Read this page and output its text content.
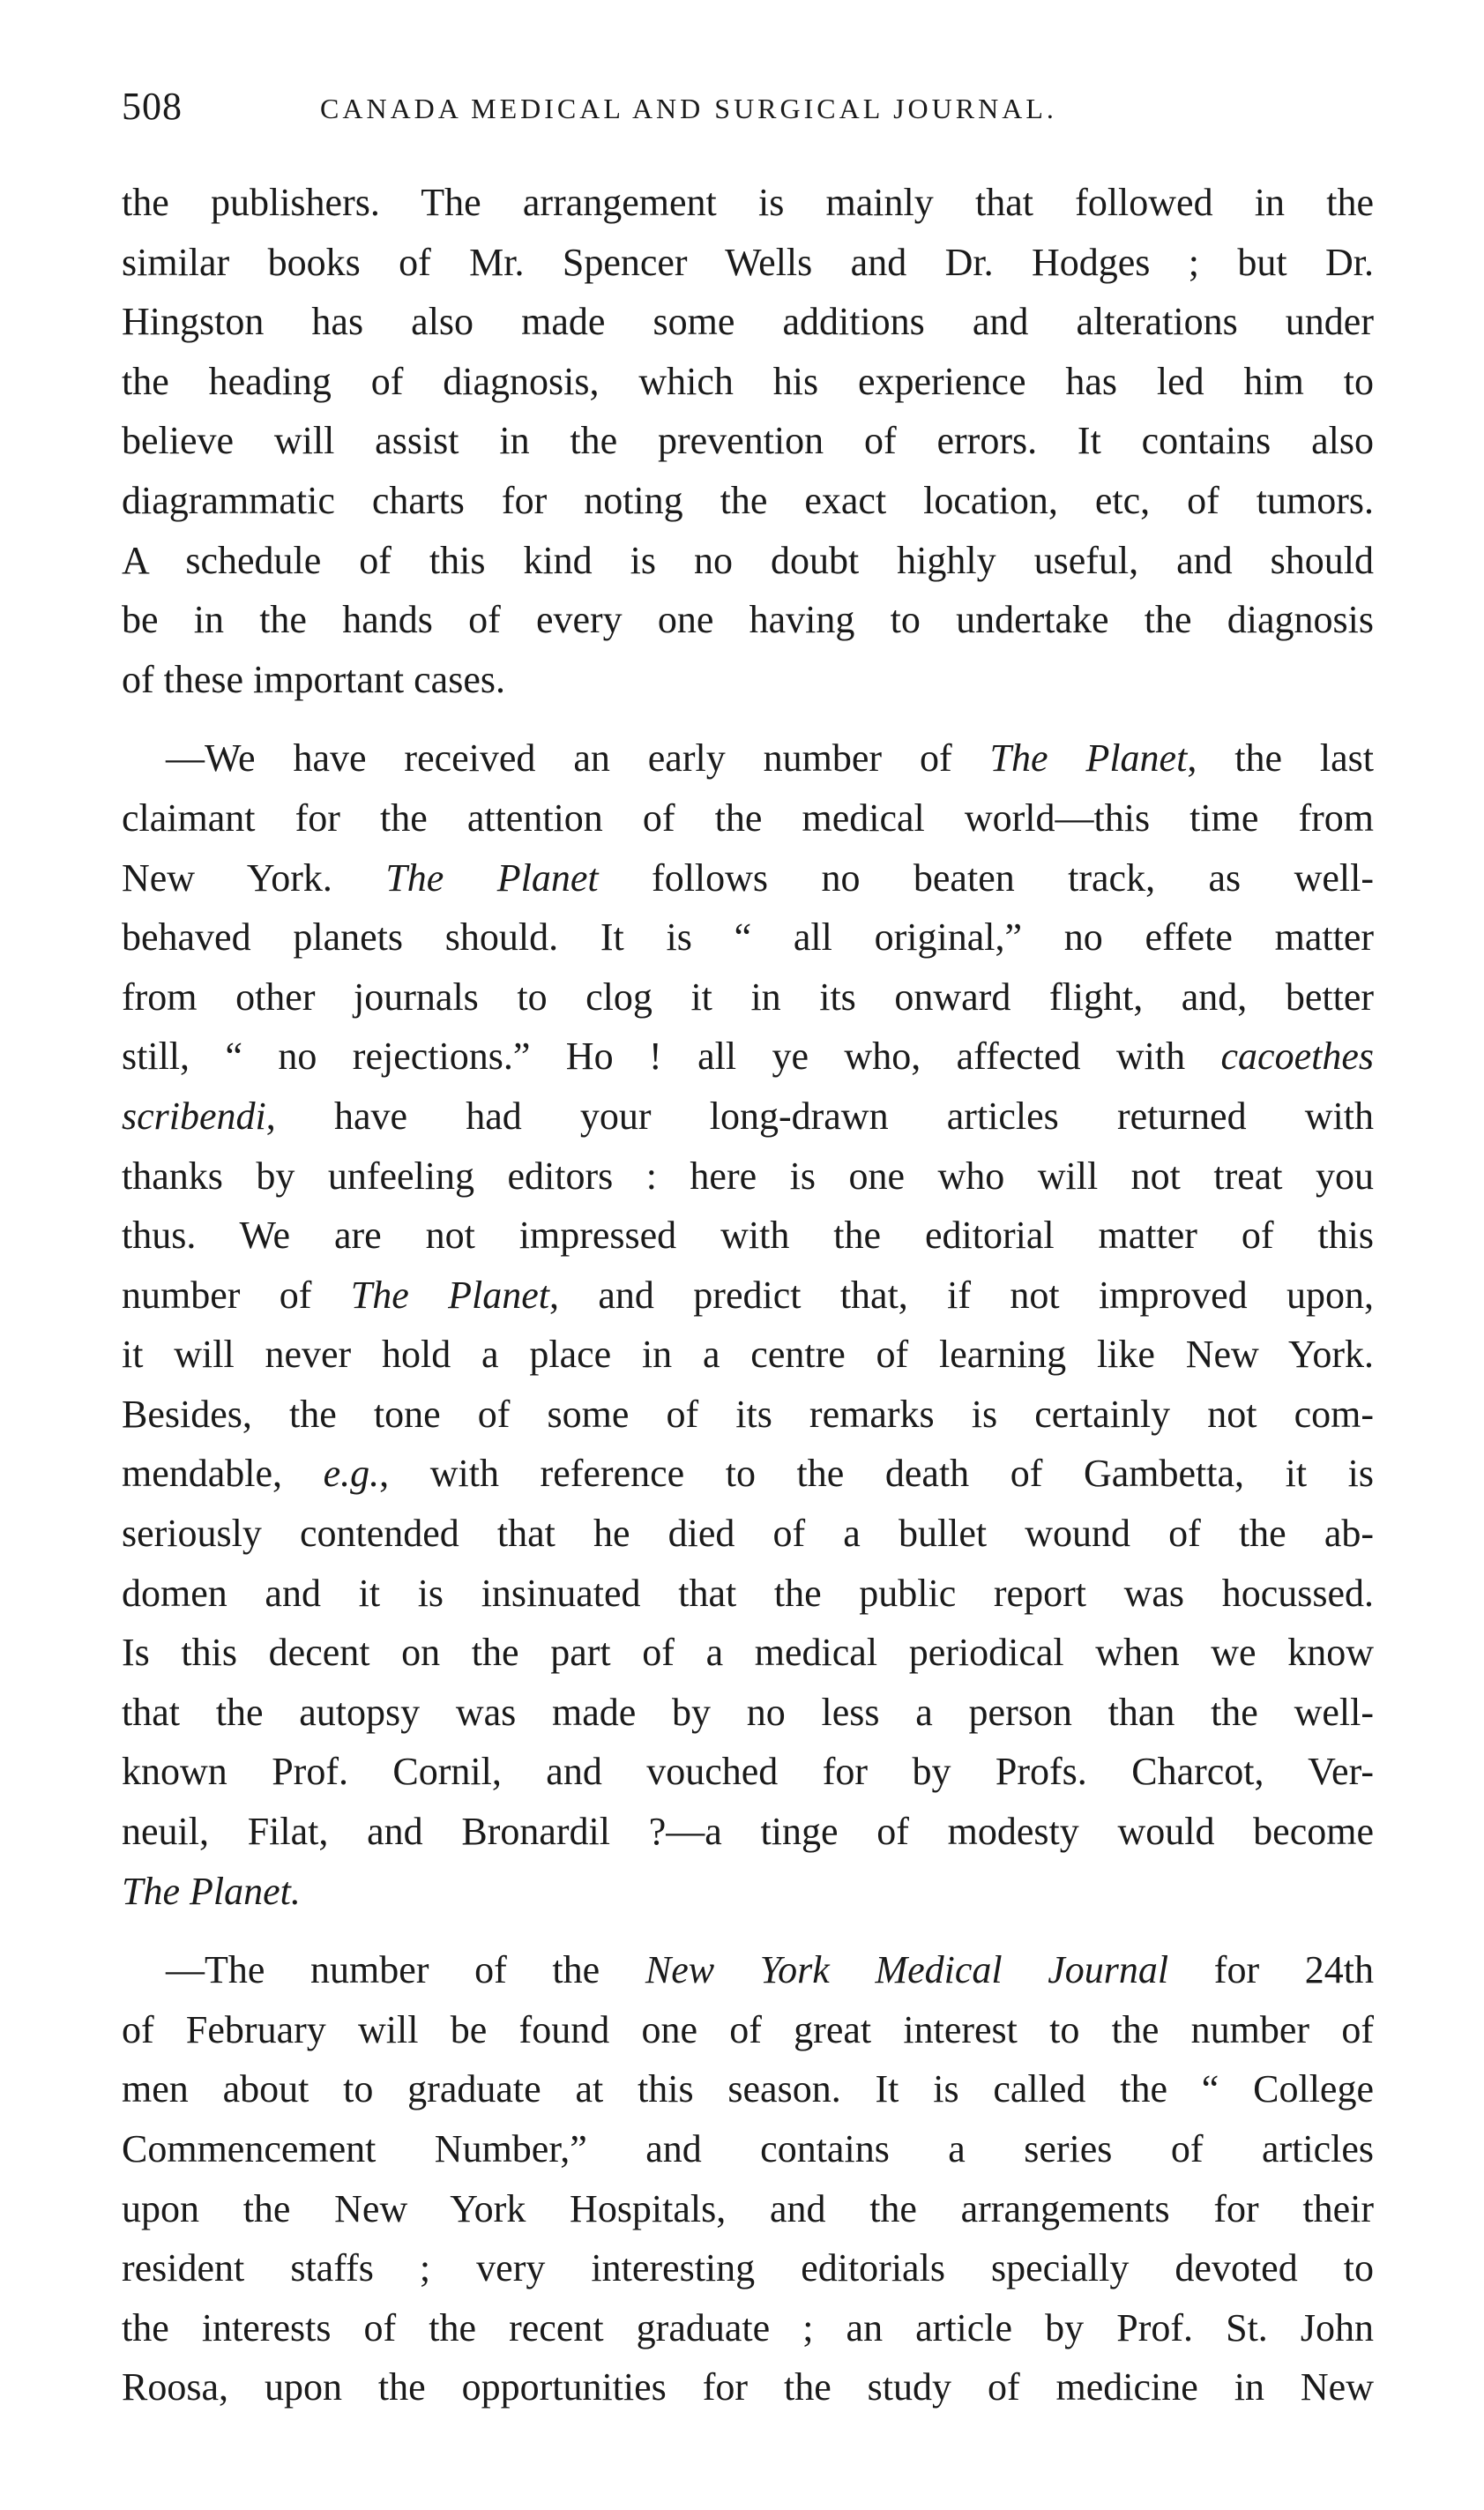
508	CANADA MEDICAL AND SURGICAL JOURNAL.
the publishers. The arrangement is mainly that followed in the
similar books of Mr. Spencer Wells and Dr. Hodges ; but Dr.
Hingston has also made some additions and alterations under
the heading of diagnosis, which his experience has led him to
believe will assist in the prevention of errors. It contains also
diagrammatic charts for noting the exact location, etc, of tumors.
A schedule of this kind is no doubt highly useful, and should
be in the hands of every one having to undertake the diagnosis
of these important cases.
—We have received an early number of The Planet, the last
claimant for the attention of the medical world—this time from
New York. The Planet follows no beaten track, as well-
behaved planets should. It is “ all original,” no effete matter
from other journals to clog it in its onward flight, and, better
still, “ no rejections.” Ho ! all ye who, affected with cacoethes
scribendi, have had your long-drawn articles returned with
thanks by unfeeling editors : here is one who will not treat you
thus. We are not impressed with the editorial matter of this
number of The Planet, and predict that, if not improved upon,
it will never hold a place in a centre of learning like New York.
Besides, the tone of some of its remarks is certainly not com-
mendable, e.g., with reference to the death of Gambetta, it is
seriously contended that he died of a bullet wound of the ab-
domen and it is insinuated that the public report was hocussed.
Is this decent on the part of a medical periodical when we know
that the autopsy was made by no less a person than the well-
known Prof. Cornil, and vouched for by Profs. Charcot, Ver-
neuil, Filat, and Bronardil ?—a tinge of modesty would become
The Planet.
—The number of the New York Medical Journal for 24th
of February will be found one of great interest to the number of
men about to graduate at this season. It is called the “ College
Commencement Number,” and contains a series of articles
upon the New York Hospitals, and the arrangements for their
resident staffs ; very interesting editorials specially devoted to
the interests of the recent graduate ; an article by Prof. St. John
Roosa, upon the opportunities for the study of medicine in New
